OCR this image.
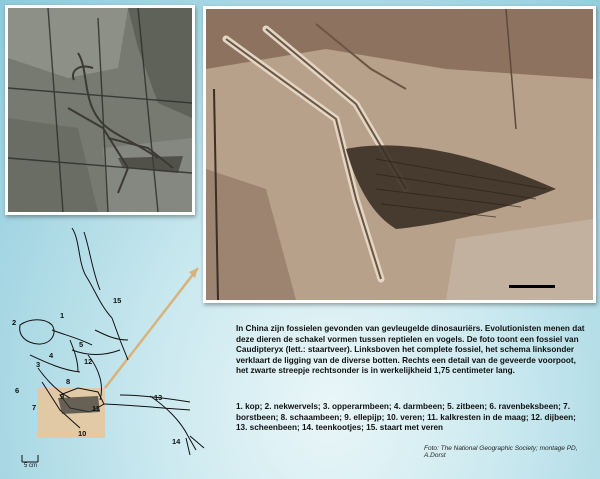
1
2
3
4
5
6
7
8
9
10
11
12
13
14
15
5 cm
In China zijn fossielen gevonden van gevleugelde dinosauriërs. Evolutionisten menen dat deze dieren de schakel vormen tussen reptielen en vogels. De foto toont een fossiel van Caudipteryx (lett.: staartveer). Linksboven het complete fossiel, het schema linksonder verklaart de ligging van de diverse botten. Rechts een detail van de geveerde voorpoot, het zwarte streepje rechtsonder is in werkelijkheid 1,75 centimeter lang.
1. kop; 2. nekwervels; 3. opperarmbeen; 4. darmbeen; 5. zitbeen; 6. ravenbeksbeen; 7. borstbeen; 8. schaambeen; 9. ellepijp; 10. veren; 11. kalkresten in de maag; 12. dijbeen; 13. scheenbeen; 14. teenkootjes; 15. staart met veren
Foto: The National Geographic Society; montage PD, A.Dorst
